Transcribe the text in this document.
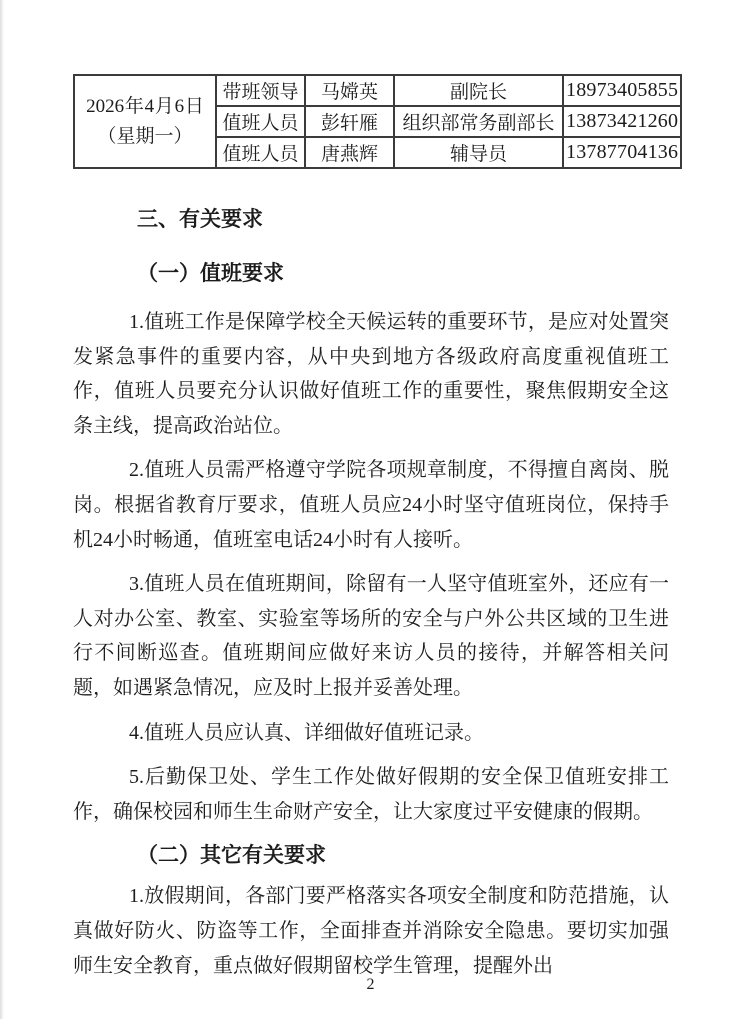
2026 年 4 月 6 日
（星期一）	带班领导	马嫦英	副院长	18973405855
	值班人员	彭轩雁	组织部常务副部长	13873421260
	值班人员	唐燕辉	辅导员	13787704136
三、有关要求
（一）值班要求

1.值班工作是保障学校全天候运转的重要环节，是应对处置突发紧急事件的重要内容，从中央到地方各级政府高度重视值班工作，值班人员要充分认识做好值班工作的重要性，聚焦假期安全这条主线，提高政治站位。

2.值班人员需严格遵守学院各项规章制度，不得擅自离岗、脱岗。根据省教育厅要求，值班人员应24小时坚守值班岗位，保持手机24小时畅通，值班室电话24小时有人接听。

3.值班人员在值班期间，除留有一人坚守值班室外，还应有一人对办公室、教室、实验室等场所的安全与户外公共区域的卫生进行不间断巡查。值班期间应做好来访人员的接待，并解答相关问题，如遇紧急情况，应及时上报并妥善处理。

4.值班人员应认真、详细做好值班记录。

5.后勤保卫处、学生工作处做好假期的安全保卫值班安排工作，确保校园和师生生命财产安全，让大家度过平安健康的假期。

（二）其它有关要求

1.放假期间，各部门要严格落实各项安全制度和防范措施，认真做好防火、防盗等工作，全面排查并消除安全隐患。要切实加强师生安全教育，重点做好假期留校学生管理，提醒外出

2
